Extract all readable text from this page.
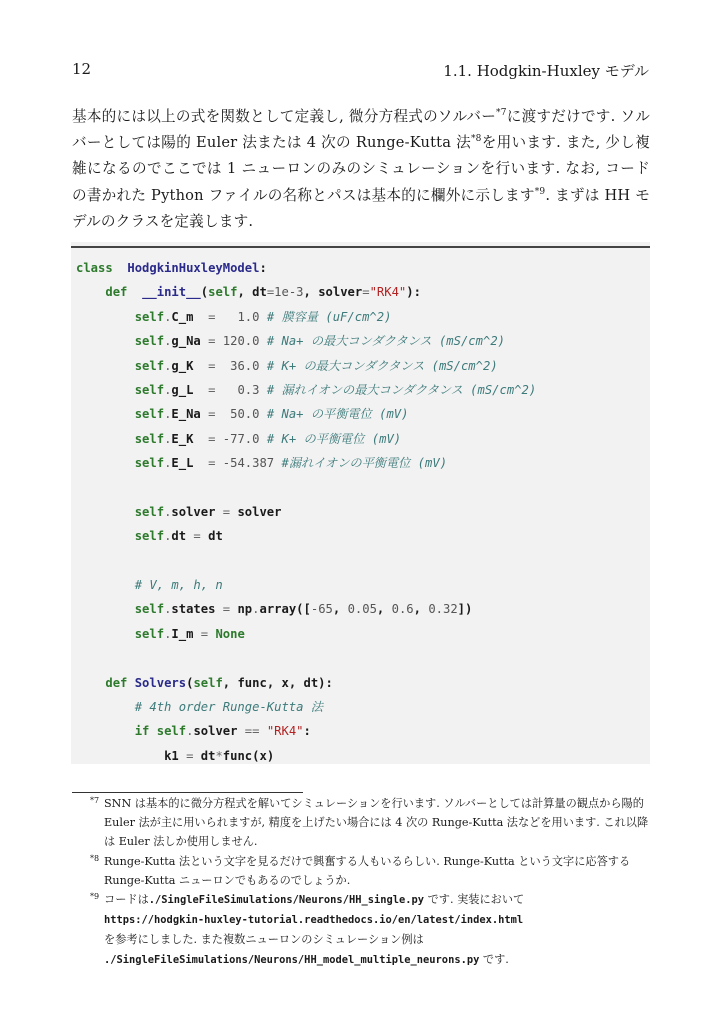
12	1.1. Hodgkin-Huxley モデル

基本的には以上の式を関数として定義し, 微分方程式のソルバー$^{*7}$に渡すだけです. ソルバーとしては陽的 Euler 法または 4 次の Runge-Kutta 法$^{*8}$を用います. また, 少し複雑になるのでここでは 1 ニューロンのみのシミュレーションを行います. なお, コードの書かれた Python ファイルの名称とパスは基本的に欄外に示します$^{*9}$. まずは HH モデルのクラスを定義します.

class HodgkinHuxleyModel:
def __init__(self, dt=1e-3, solver="RK4"):
self.C_m  =   1.0 # 膜容量 (uF/cm^2)
self.g_Na = 120.0 # Na+ の最大コンダクタンス (mS/cm^2)
self.g_K  =  36.0 # K+ の最大コンダクタンス (mS/cm^2)
self.g_L  =   0.3 # 漏れイオンの最大コンダクタンス (mS/cm^2)
self.E_Na =  50.0 # Na+ の平衡電位 (mV)
self.E_K  = -77.0 # K+ の平衡電位 (mV)
self.E_L  = -54.387 #漏れイオンの平衡電位 (mV)
self.solver = solver
self.dt = dt
# V, m, h, n
self.states = np.array([-65, 0.05, 0.6, 0.32])
self.I_m = None
def Solvers(self, func, x, dt):
# 4th order Runge-Kutta 法
if self.solver == "RK4":
k1 = dt*func(x)
*7 SNN は基本的に微分方程式を解いてシミュレーションを行います. ソルバーとしては計算量の観点から陽的 Euler 法が主に用いられますが, 精度を上げたい場合には 4 次の Runge-Kutta 法などを用います. これ以降は Euler 法しか使用しません.
*8 Runge-Kutta 法という文字を見るだけで興奮する人もいるらしい. Runge-Kutta という文字に応答する Runge-Kutta ニューロンでもあるのでしょうか.
*9 コードは./SingleFileSimulations/Neurons/HH_single.py です. 実装において
https://hodgkin-huxley-tutorial.readthedocs.io/en/latest/index.html
を参考にしました. また複数ニューロンのシミュレーション例は
./SingleFileSimulations/Neurons/HH_model_multiple_neurons.py です.
